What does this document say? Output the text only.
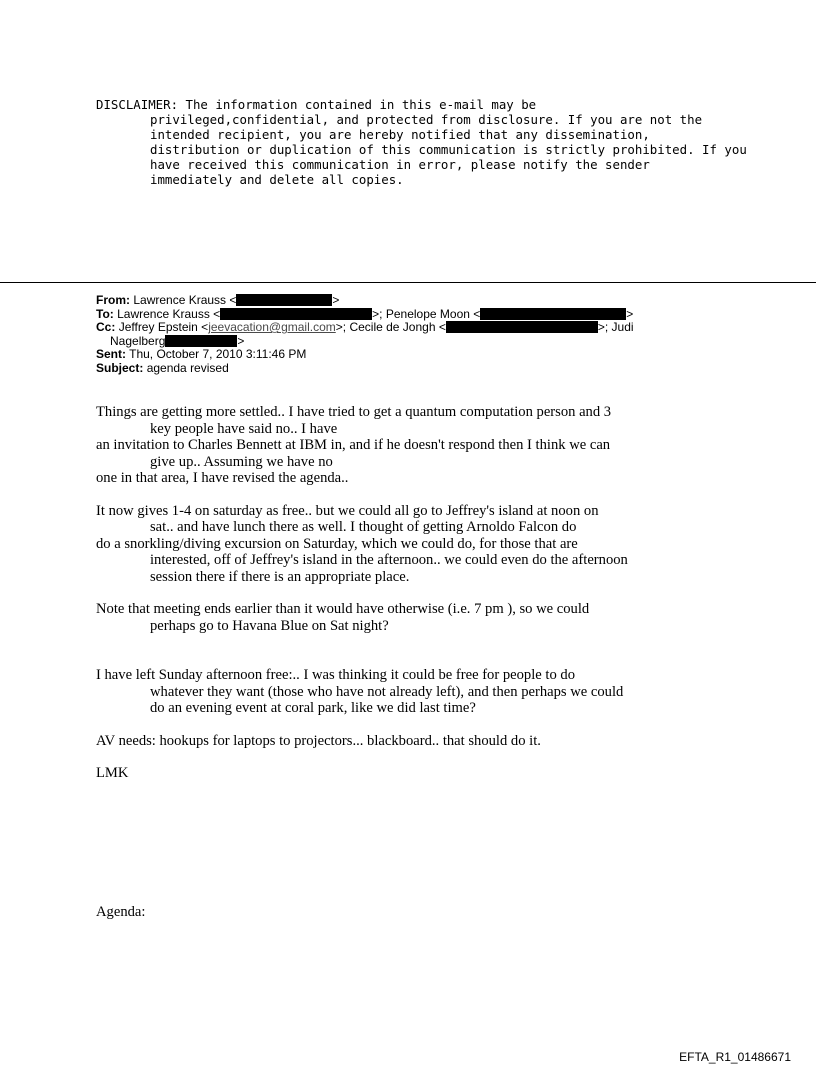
DISCLAIMER: The information contained in this e-mail may be
privileged,confidential, and protected from disclosure. If you are not the
intended recipient, you are hereby notified that any dissemination,
distribution or duplication of this communication is strictly prohibited. If you
have received this communication in error, please notify the sender
immediately and delete all copies.
From: Lawrence Krauss <	>
To: Lawrence Krauss <	>; Penelope Moon <	>
Cc: Jeffrey Epstein <jeevacation@gmail.com>; Cecile de Jongh <	>; Judi
Nagelberg	>
Sent: Thu, October 7, 2010 3:11:46 PM
Subject: agenda revised
Things are getting more settled.. I have tried to get a quantum computation person and 3
key people have said no.. I have
an invitation to Charles Bennett at IBM in, and if he doesn't respond then I think we can
give up.. Assuming we have no
one in that area, I have revised the agenda..
It now gives 1-4 on saturday as free.. but we could all go to Jeffrey's island at noon on
sat.. and have lunch there as well. I thought of getting Arnoldo Falcon do
do a snorkling/diving excursion on Saturday, which we could do, for those that are
interested, off of Jeffrey's island in the afternoon.. we could even do the afternoon
session there if there is an appropriate place.
Note that meeting ends earlier than it would have otherwise (i.e. 7 pm ), so we could
perhaps go to Havana Blue on Sat night?
I have left Sunday afternoon free:.. I was thinking it could be free for people to do
whatever they want (those who have not already left), and then perhaps we could
do an evening event at coral park, like we did last time?
AV needs: hookups for laptops to projectors... blackboard.. that should do it.
LMK
Agenda:
EFTA_R1_01486671
